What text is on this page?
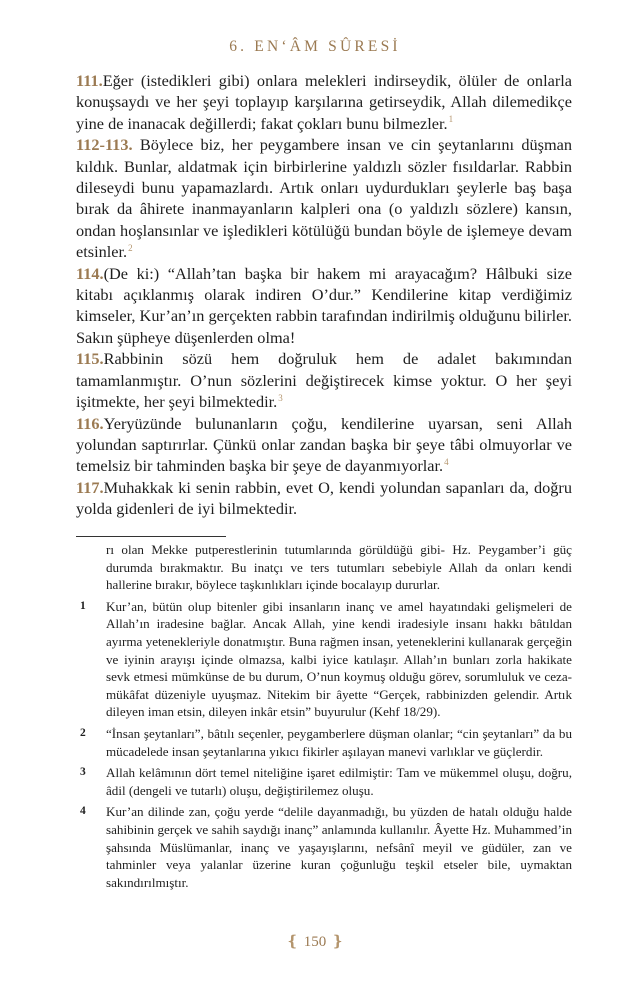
6. EN‘ÂM SÛRESİ

111.Eğer (istedikleri gibi) onlara melekleri indirseydik, ölüler de onlarla konuşsaydı ve her şeyi toplayıp karşılarına getirseydik, Allah dilemedikçe yine de inanacak değillerdi; fakat çokları bunu bilmezler.$^1$

112-113. Böylece biz, her peygambere insan ve cin şeytanlarını düşman kıldık. Bunlar, aldatmak için birbirlerine yaldızlı sözler fısıldarlar. Rabbin dileseydi bunu yapamazlardı. Artık onları uydurdukları şeylerle baş başa bırak da âhirete inanmayanların kalpleri ona (o yaldızlı sözlere) kansın, ondan hoşlansınlar ve işledikleri kötülüğü bundan böyle de işlemeye devam etsinler.$^2$

114.(De ki:) “Allah’tan başka bir hakem mi arayacağım? Hâlbuki size kitabı açıklanmış olarak indiren O’dur.” Kendilerine kitap verdiğimiz kimseler, Kur’an’ın gerçekten rabbin tarafından indirilmiş olduğunu bilirler. Sakın şüpheye düşenlerden olma!

115.Rabbinin sözü hem doğruluk hem de adalet bakımından tamamlanmıştır. O’nun sözlerini değiştirecek kimse yoktur. O her şeyi işitmekte, her şeyi bilmektedir.$^3$

116.Yeryüzünde bulunanların çoğu, kendilerine uyarsan, seni Allah yolundan saptırırlar. Çünkü onlar zandan başka bir şeye tâbi olmuyorlar ve temelsiz bir tahminden başka bir şeye de dayanmıyorlar.$^4$

117.Muhakkak ki senin rabbin, evet O, kendi yolundan sapanları da, doğru yolda gidenleri de iyi bilmektedir.

rı olan Mekke putperestlerinin tutumlarında görüldüğü gibi- Hz. Peygamber’i güç durumda bırakmaktır. Bu inatçı ve ters tutumları sebebiyle Allah da onları kendi hallerine bırakır, böylece taşkınlıkları içinde bocalayıp dururlar.
1 Kur’an, bütün olup bitenler gibi insanların inanç ve amel hayatındaki gelişmeleri de Allah’ın iradesine bağlar. Ancak Allah, yine kendi iradesiyle insanı hakkı bâtıldan ayırma yetenekleriyle donatmıştır. Buna rağmen insan, yeteneklerini kullanarak gerçeğin ve iyinin arayışı içinde olmazsa, kalbi iyice katılaşır. Allah’ın bunları zorla hakikate sevk etmesi mümkünse de bu durum, O’nun koymuş olduğu görev, sorumluluk ve ceza-mükâfat düzeniyle uyuşmaz. Nitekim bir âyette “Gerçek, rabbinizden gelendir. Artık dileyen iman etsin, dileyen inkâr etsin” buyurulur (Kehf 18/29).
2 “İnsan şeytanları”, bâtılı seçenler, peygamberlere düşman olanlar; “cin şeytanları” da bu mücadelede insan şeytanlarına yıkıcı fikirler aşılayan manevi varlıklar ve güçlerdir.
3 Allah kelâmının dört temel niteliğine işaret edilmiştir: Tam ve mükemmel oluşu, doğru, âdil (dengeli ve tutarlı) oluşu, değiştirilemez oluşu.
4 Kur’an dilinde zan, çoğu yerde “delile dayanmadığı, bu yüzden de hatalı olduğu halde sahibinin gerçek ve sahih saydığı inanç” anlamında kullanılır. Âyette Hz. Muhammed’in şahsında Müslümanlar, inanç ve yaşayışlarını, nefsânî meyil ve güdüler, zan ve tahminler veya yalanlar üzerine kuran çoğunluğu teşkil etseler bile, uymaktan sakındırılmıştır.
❴ 150 ❵
